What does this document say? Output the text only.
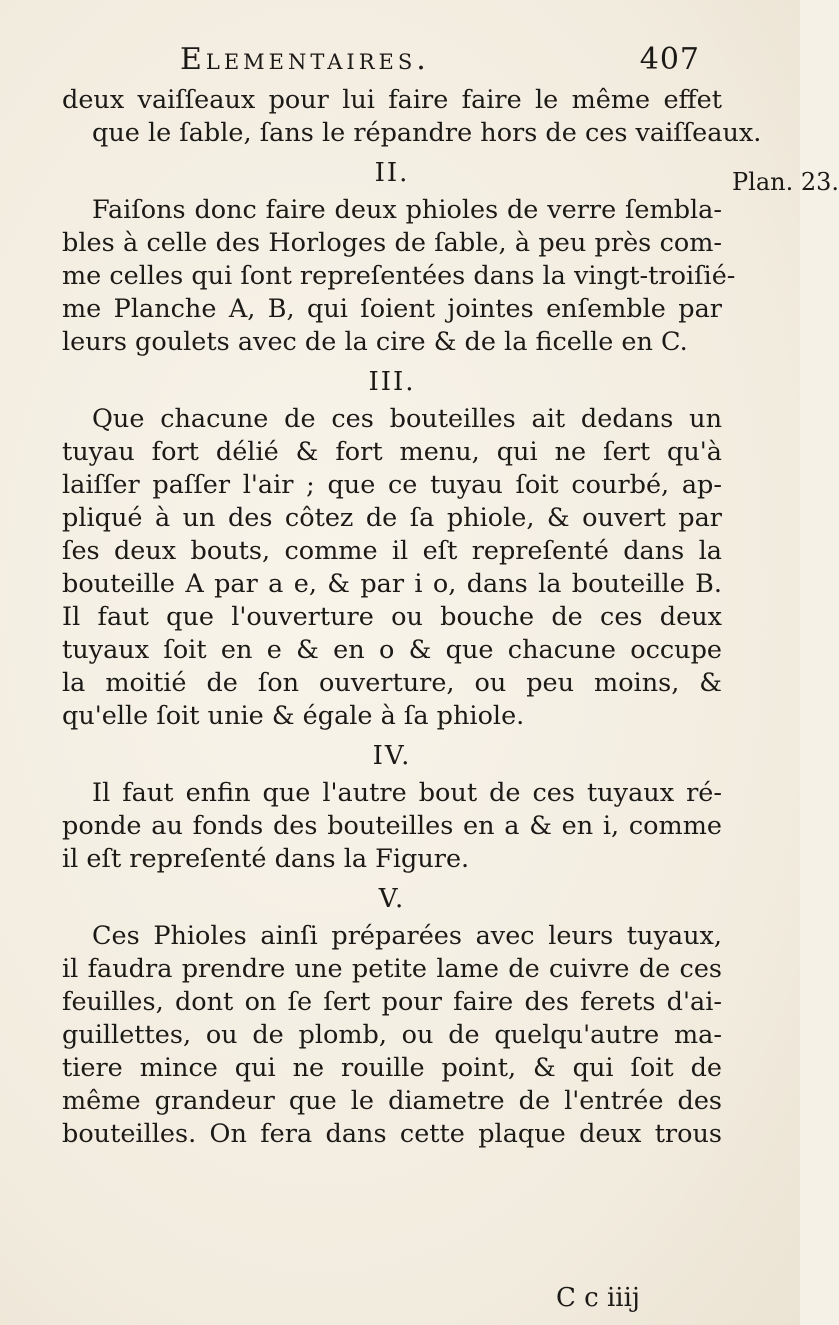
Elementaires.	407
Plan. 23.
deux vaiſſeaux pour lui faire faire le même effet
que le ſable, ſans le répandre hors de ces vaiſſeaux.
II.
Faiſons donc faire deux phioles de verre ſembla-
bles à celle des Horloges de ſable, à peu près com-
me celles qui ſont repreſentées dans la vingt-troiſié-
me Planche A, B, qui ſoient jointes enſemble par
leurs goulets avec de la cire & de la ficelle en C.
III.
Que chacune de ces bouteilles ait dedans un
tuyau fort délié & fort menu, qui ne ſert qu'à
laiſſer paſſer l'air ; que ce tuyau ſoit courbé, ap-
pliqué à un des côtez de ſa phiole, & ouvert par
ſes deux bouts, comme il eſt repreſenté dans la
bouteille A par a e, & par i o, dans la bouteille B.
Il faut que l'ouverture ou bouche de ces deux
tuyaux ſoit en e & en o & que chacune occupe
la moitié de ſon ouverture, ou peu moins, &
qu'elle ſoit unie & égale à ſa phiole.
IV.
Il faut enfin que l'autre bout de ces tuyaux ré-
ponde au fonds des bouteilles en a & en i, comme
il eſt repreſenté dans la Figure.
V.
Ces Phioles ainſi préparées avec leurs tuyaux,
il faudra prendre une petite lame de cuivre de ces
feuilles, dont on ſe ſert pour faire des ferets d'ai-
guillettes, ou de plomb, ou de quelqu'autre ma-
tiere mince qui ne rouille point, & qui ſoit de
même grandeur que le diametre de l'entrée des
bouteilles. On fera dans cette plaque deux trous
C c iiij
